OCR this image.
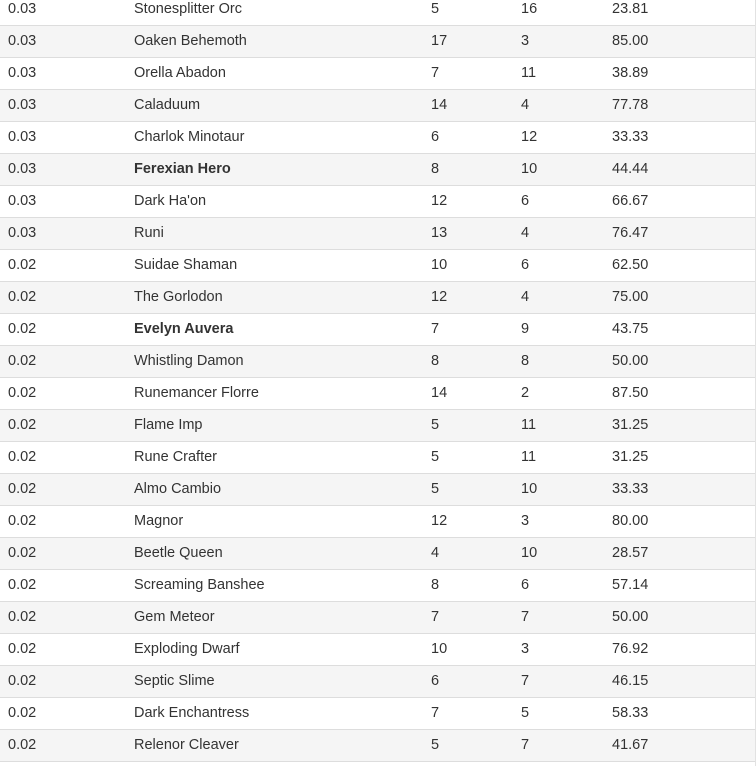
0.03	Stonesplitter Orc	5	16	23.81
0.03	Oaken Behemoth	17	3	85.00
0.03	Orella Abadon	7	11	38.89
0.03	Caladuum	14	4	77.78
0.03	Charlok Minotaur	6	12	33.33
0.03	Ferexian Hero	8	10	44.44
0.03	Dark Ha'on	12	6	66.67
0.03	Runi	13	4	76.47
0.02	Suidae Shaman	10	6	62.50
0.02	The Gorlodon	12	4	75.00
0.02	Evelyn Auvera	7	9	43.75
0.02	Whistling Damon	8	8	50.00
0.02	Runemancer Florre	14	2	87.50
0.02	Flame Imp	5	11	31.25
0.02	Rune Crafter	5	11	31.25
0.02	Almo Cambio	5	10	33.33
0.02	Magnor	12	3	80.00
0.02	Beetle Queen	4	10	28.57
0.02	Screaming Banshee	8	6	57.14
0.02	Gem Meteor	7	7	50.00
0.02	Exploding Dwarf	10	3	76.92
0.02	Septic Slime	6	7	46.15
0.02	Dark Enchantress	7	5	58.33
0.02	Relenor Cleaver	5	7	41.67
